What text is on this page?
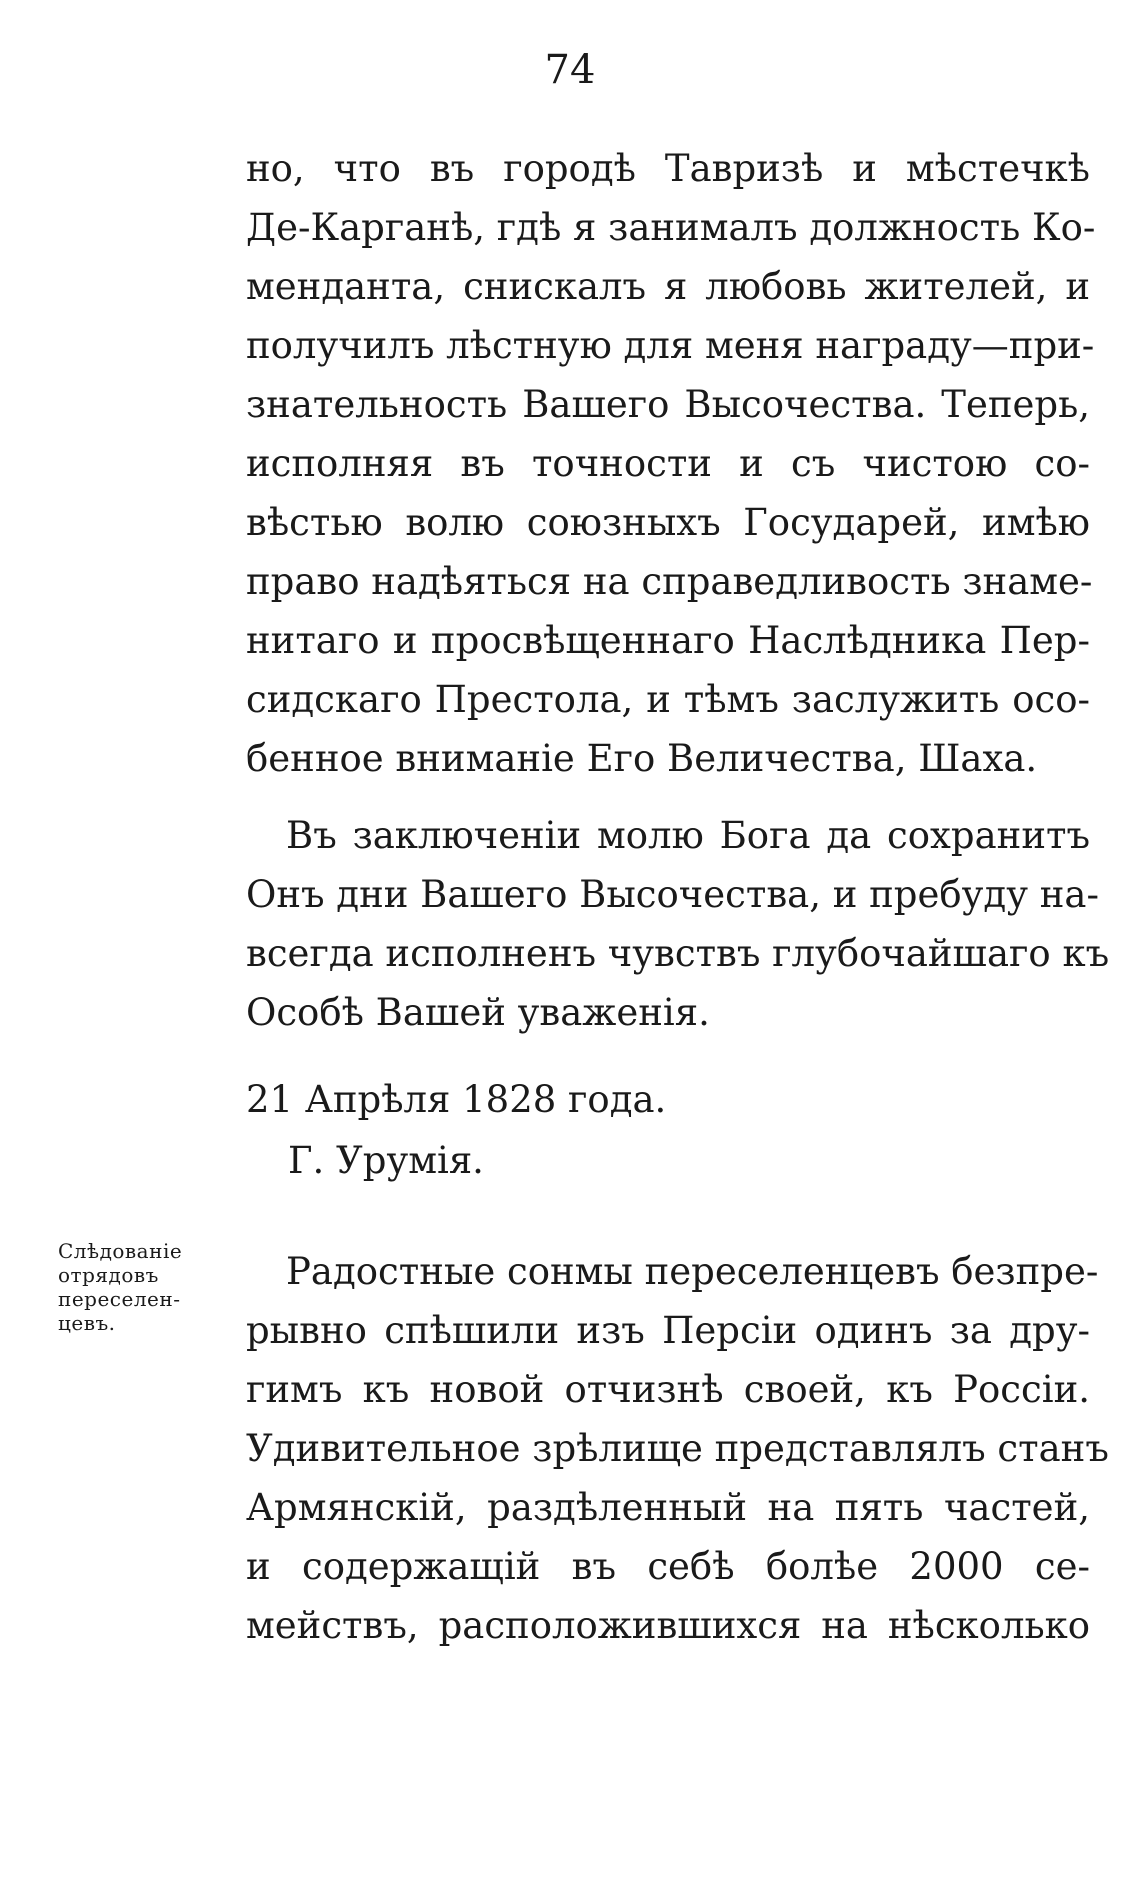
74
но, что въ городѣ Тавризѣ и мѣстечкѣ
Де-Карганѣ, гдѣ я занималъ должность Ко-
менданта, снискалъ я любовь жителей, и
получилъ лѣстную для меня награду—при-
знательность Вашего Высочества. Теперь,
исполняя въ точности и съ чистою со-
вѣстью волю союзныхъ Государей, имѣю
право надѣяться на справедливость знаме-
нитаго и просвѣщеннаго Наслѣдника Пер-
сидскаго Престола, и тѣмъ заслужить осо-
бенное вниманіе Его Величества, Шаха.
Въ заключеніи молю Бога да сохранитъ
Онъ дни Вашего Высочества, и пребуду на-
всегда исполненъ чувствъ глубочайшаго къ
Особѣ Вашей уваженія.
21 Апрѣля 1828 года.
Г. Урумія.
Слѣдованіе
отрядовъ
переселен-
цевъ.
Радостные сонмы переселенцевъ безпре-
рывно спѣшили изъ Персіи одинъ за дру-
гимъ къ новой отчизнѣ своей, къ Россіи.
Удивительное зрѣлище представлялъ станъ
Армянскій, раздѣленный на пять частей,
и содержащій въ себѣ болѣе 2000 се-
мействъ, расположившихся на нѣсколько
